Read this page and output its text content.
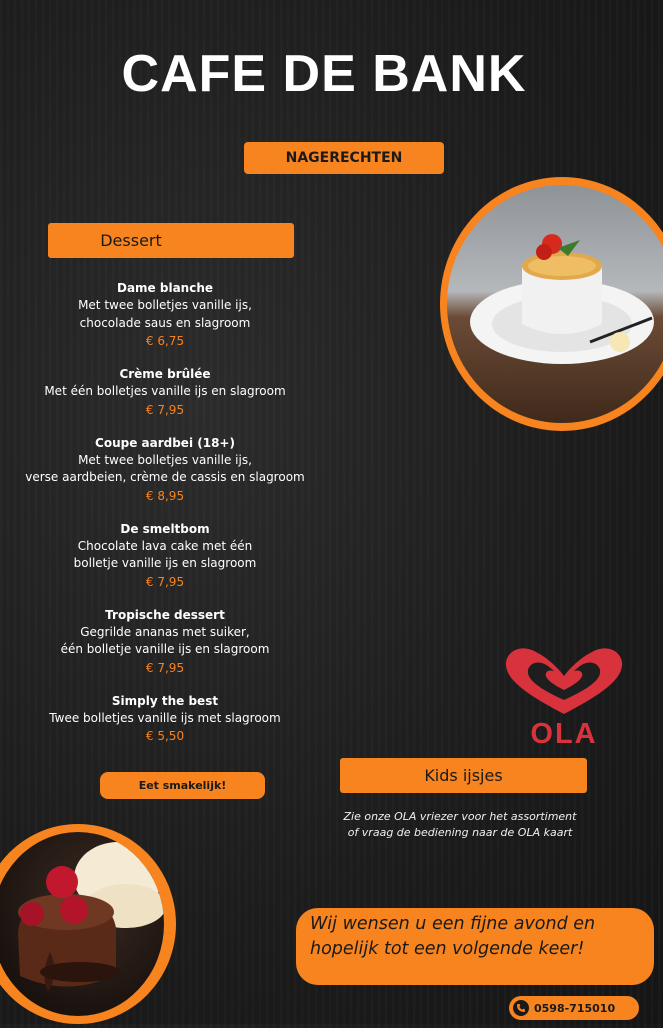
CAFE DE BANK
NAGERECHTEN
Dessert
Dame blanche
Met twee bolletjes vanille ijs,
chocolade saus en slagroom
€ 6,75
Crème brûlée
Met één bolletjes vanille ijs en slagroom
€ 7,95
Coupe aardbei (18+)
Met twee bolletjes vanille ijs,
verse aardbeien, crème de cassis en slagroom
€ 8,95
De smeltbom
Chocolate lava cake met één
bolletje vanille ijs en slagroom
€ 7,95
Tropische dessert
Gegrilde ananas met suiker,
één bolletje vanille ijs en slagroom
€ 7,95
Simply the best
Twee bolletjes vanille ijs met slagroom
€ 5,50
Eet smakelijk!
OLA
Kids ijsjes
Zie onze OLA vriezer voor het assortiment
of vraag de bediening naar de OLA kaart
Wij wensen u een fijne avond en
hopelijk tot een volgende keer!
0598-715010
